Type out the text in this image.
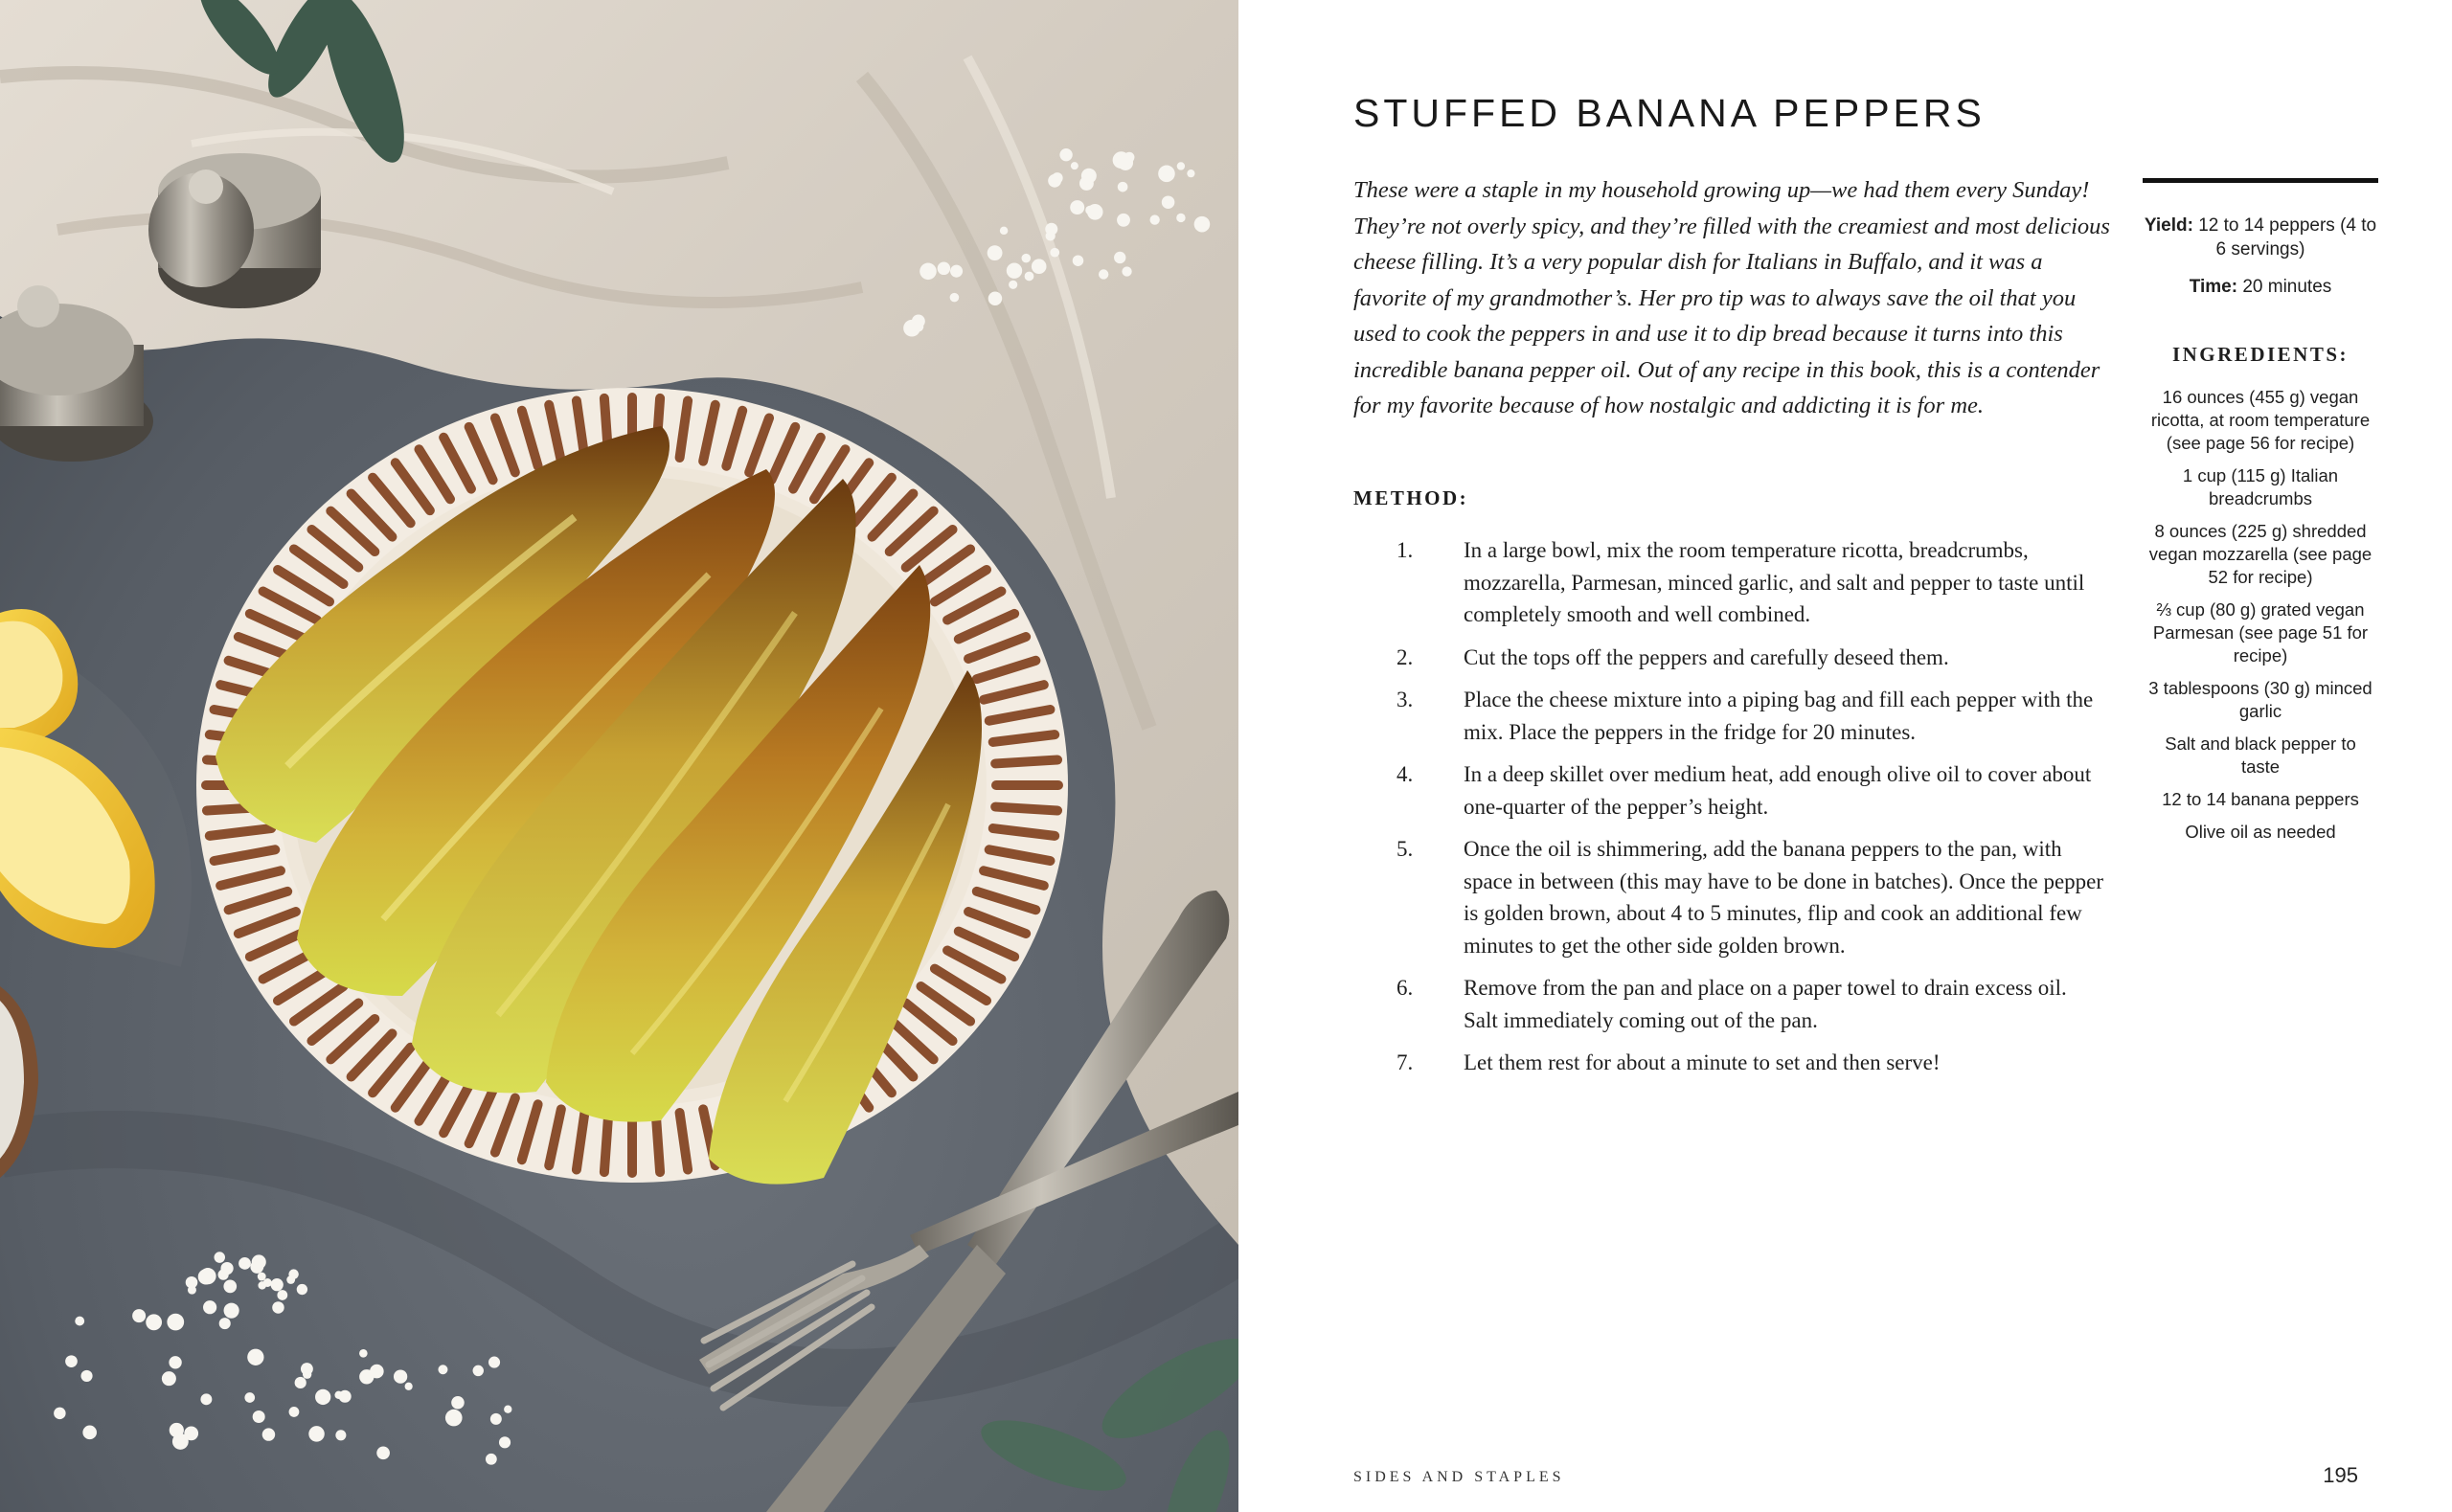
STUFFED BANANA PEPPERS

These were a staple in my household growing up—we had them every Sunday! They’re not overly spicy, and they’re filled with the creamiest and most delicious cheese filling. It’s a very popular dish for Italians in Buffalo, and it was a favorite of my grandmother’s. Her pro tip was to always save the oil that you used to cook the peppers in and use it to dip bread because it turns into this incredible banana pepper oil. Out of any recipe in this book, this is a contender for my favorite because of how nostalgic and addicting it is for me.

METHOD:
1.	In a large bowl, mix the room temperature ricotta, breadcrumbs, mozzarella, Parmesan, minced garlic, and salt and pepper to taste until completely smooth and well combined.
2.	Cut the tops off the peppers and carefully deseed them.
3.	Place the cheese mixture into a piping bag and fill each pepper with the mix. Place the peppers in the fridge for 20 minutes.
4.	In a deep skillet over medium heat, add enough olive oil to cover about one-quarter of the pepper’s height.
5.	Once the oil is shimmering, add the banana peppers to the pan, with space in between (this may have to be done in batches). Once the pepper is golden brown, about 4 to 5 minutes, flip and cook an additional few minutes to get the other side golden brown.
6.	Remove from the pan and place on a paper towel to drain excess oil. Salt immediately coming out of the pan.
7.	Let them rest for about a minute to set and then serve!

Yield: 12 to 14 peppers (4 to 6 servings)

Time: 20 minutes

INGREDIENTS:
16 ounces (455 g) vegan ricotta, at room temperature (see page 56 for recipe)
1 cup (115 g) Italian breadcrumbs
8 ounces (225 g) shredded vegan mozzarella (see page 52 for recipe)
⅔ cup (80 g) grated vegan Parmesan (see page 51 for recipe)
3 tablespoons (30 g) minced garlic
Salt and black pepper to taste
12 to 14 banana peppers
Olive oil as needed
SIDES AND STAPLES	195
